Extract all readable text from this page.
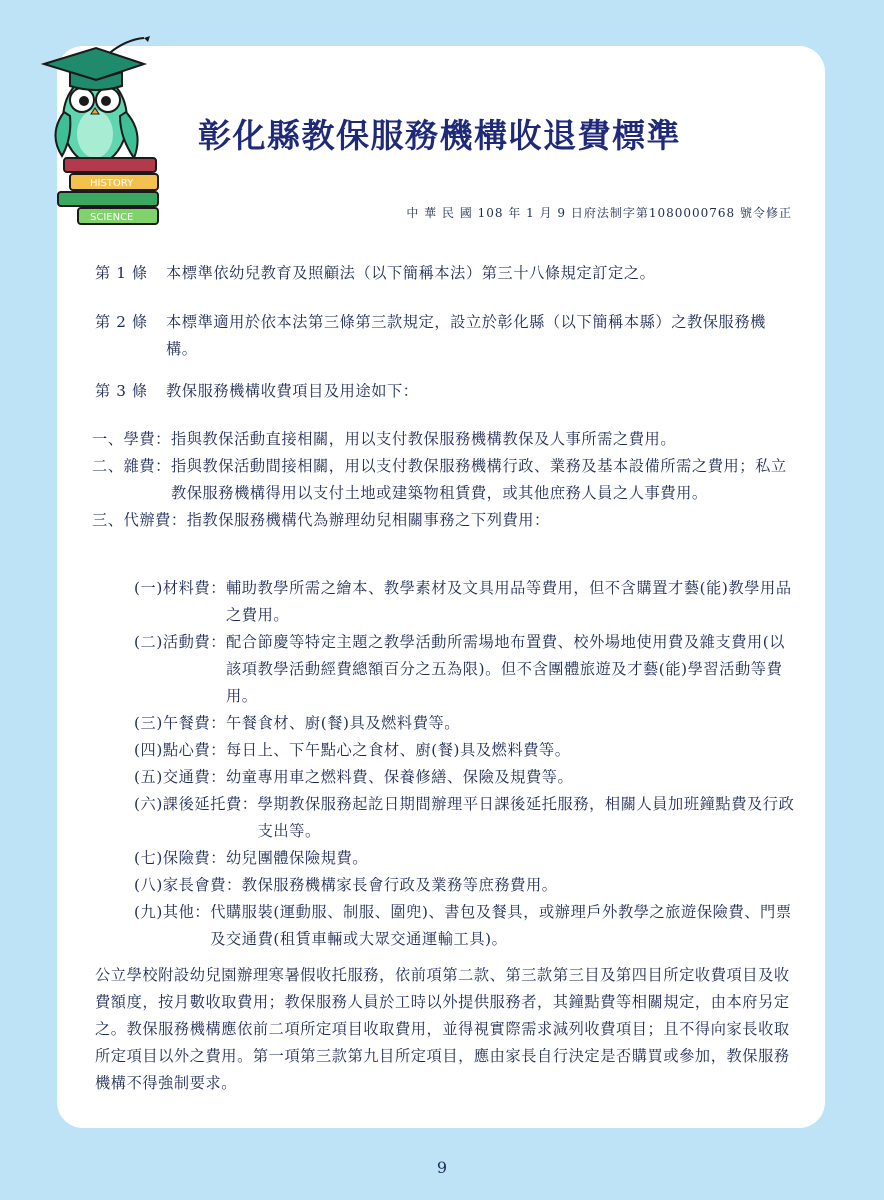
HISTORY
SCIENCE
彰化縣教保服務機構收退費標準
中 華 民 國 108 年 1 月 9 日府法制字第1080000768 號令修正
第 1 條	本標準依幼兒教育及照顧法（以下簡稱本法）第三十八條規定訂定之。
第 2 條	本標準適用於依本法第三條第三款規定，設立於彰化縣（以下簡稱本縣）之教保服務機構。
第 3 條	教保服務機構收費項目及用途如下：
一、學費： 指與教保活動直接相關，用以支付教保服務機構教保及人事所需之費用。
二、雜費： 指與教保活動間接相關，用以支付教保服務機構行政、業務及基本設備所需之費用；私立教保服務機構得用以支付土地或建築物租賃費，或其他庶務人員之人事費用。
三、代辦費： 指教保服務機構代為辦理幼兒相關事務之下列費用：
(一)材料費： 輔助教學所需之繪本、教學素材及文具用品等費用，但不含購置才藝(能)教學用品之費用。
(二)活動費： 配合節慶等特定主題之教學活動所需場地布置費、校外場地使用費及雜支費用(以該項教學活動經費總額百分之五為限)。但不含團體旅遊及才藝(能)學習活動等費用。
(三)午餐費： 午餐食材、廚(餐)具及燃料費等。
(四)點心費： 每日上、下午點心之食材、廚(餐)具及燃料費等。
(五)交通費： 幼童專用車之燃料費、保養修繕、保險及規費等。
(六)課後延托費： 學期教保服務起訖日期間辦理平日課後延托服務，相關人員加班鐘點費及行政支出等。
(七)保險費： 幼兒團體保險規費。
(八)家長會費： 教保服務機構家長會行政及業務等庶務費用。
(九)其他： 代購服裝(運動服、制服、圍兜)、書包及餐具，或辦理戶外教學之旅遊保險費、門票及交通費(租賃車輛或大眾交通運輸工具)。
公立學校附設幼兒園辦理寒暑假收托服務，依前項第二款、第三款第三目及第四目所定收費項目及收費額度，按月數收取費用；教保服務人員於工時以外提供服務者，其鐘點費等相關規定，由本府另定之。教保服務機構應依前二項所定項目收取費用，並得視實際需求減列收費項目；且不得向家長收取所定項目以外之費用。第一項第三款第九目所定項目，應由家長自行決定是否購買或參加，教保服務機構不得強制要求。
9
